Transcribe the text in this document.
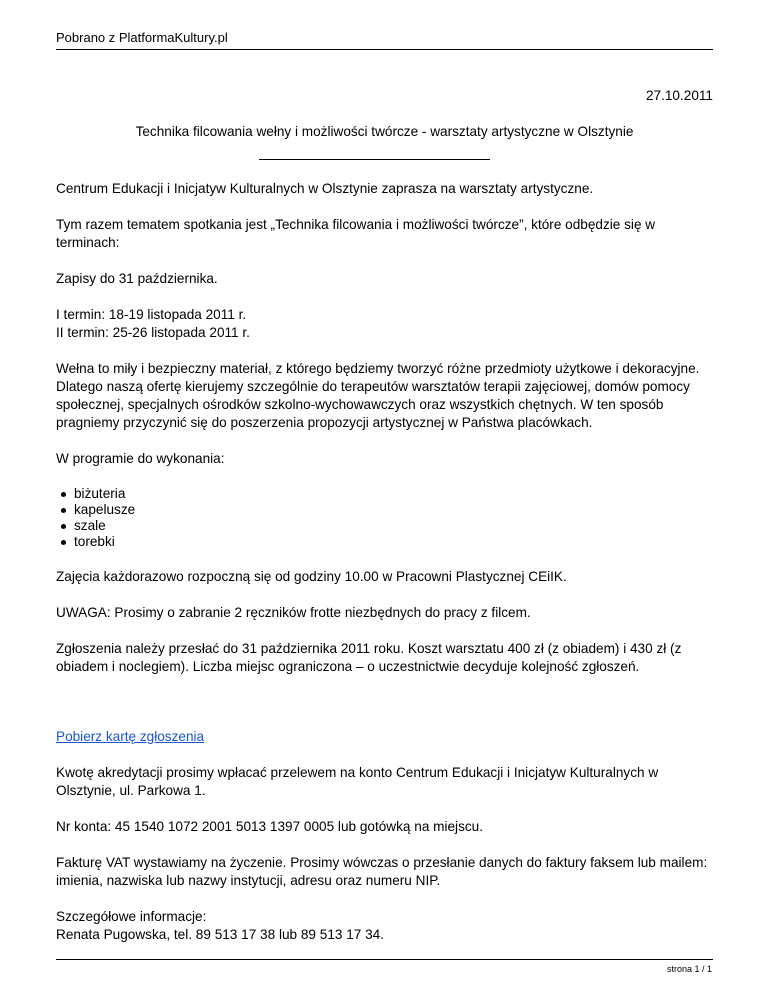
Pobrano z PlatformaKultury.pl

27.10.2011

Technika filcowania wełny i możliwości twórcze - warsztaty artystyczne w Olsztynie

Centrum Edukacji i Inicjatyw Kulturalnych w Olsztynie zaprasza na warsztaty artystyczne.

Tym razem tematem spotkania jest „Technika filcowania i możliwości twórcze”, które odbędzie się w terminach:

Zapisy do 31 października.

I termin: 18-19 listopada 2011 r.
II termin: 25-26 listopada 2011 r.

Wełna to miły i bezpieczny materiał, z którego będziemy tworzyć różne przedmioty użytkowe i dekoracyjne. Dlatego naszą ofertę kierujemy szczególnie do terapeutów warsztatów terapii zajęciowej, domów pomocy społecznej, specjalnych ośrodków szkolno-wychowawczych oraz wszystkich chętnych. W ten sposób pragniemy przyczynić się do poszerzenia propozycji artystycznej w Państwa placówkach.

W programie do wykonania:

biżuteria
kapelusze
szale
torebki

Zajęcia każdorazowo rozpoczną się od godziny 10.00 w Pracowni Plastycznej CEiIK.

UWAGA: Prosimy o zabranie 2 ręczników frotte niezbędnych do pracy z filcem.

Zgłoszenia należy przesłać do 31 października 2011 roku. Koszt warsztatu 400 zł (z obiadem) i 430 zł (z obiadem i noclegiem). Liczba miejsc ograniczona – o uczestnictwie decyduje kolejność zgłoszeń.

Pobierz kartę zgłoszenia

Kwotę akredytacji prosimy wpłacać przelewem na konto Centrum Edukacji i Inicjatyw Kulturalnych w Olsztynie, ul. Parkowa 1.

Nr konta: 45 1540 1072 2001 5013 1397 0005 lub gotówką na miejscu.

Fakturę VAT wystawiamy na życzenie. Prosimy wówczas o przesłanie danych do faktury faksem lub mailem: imienia, nazwiska lub nazwy instytucji, adresu oraz numeru NIP.

Szczegółowe informacje:
Renata Pugowska, tel. 89 513 17 38 lub 89 513 17 34.

strona 1 / 1
